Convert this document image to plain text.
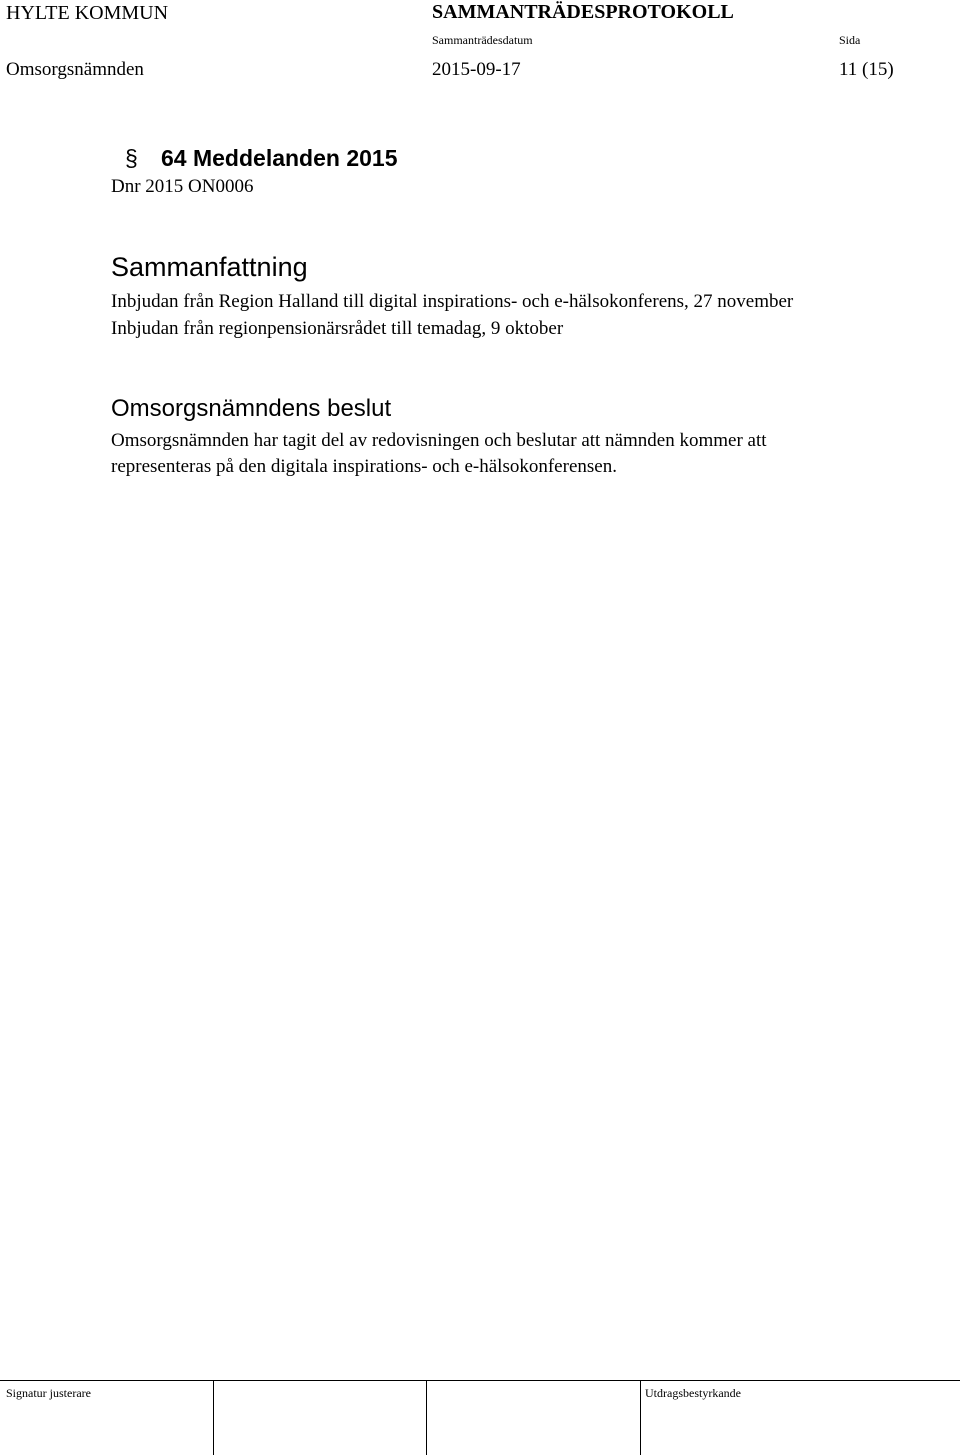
HYLTE KOMMUN	SAMMANTRÄDESPROTOKOLL
Sammanträdesdatum	Sida
Omsorgsnämnden	2015-09-17	11 (15)
§ 64 Meddelanden 2015
Dnr 2015 ON0006
Sammanfattning
Inbjudan från Region Halland till digital inspirations- och e-hälsokonferens, 27 november
Inbjudan från regionpensionärsrådet till temadag, 9 oktober
Omsorgsnämndens beslut
Omsorgsnämnden har tagit del av redovisningen och beslutar att nämnden kommer att
representeras på den digitala inspirations- och e-hälsokonferensen.
Signatur justerare	Utdragsbestyrkande
